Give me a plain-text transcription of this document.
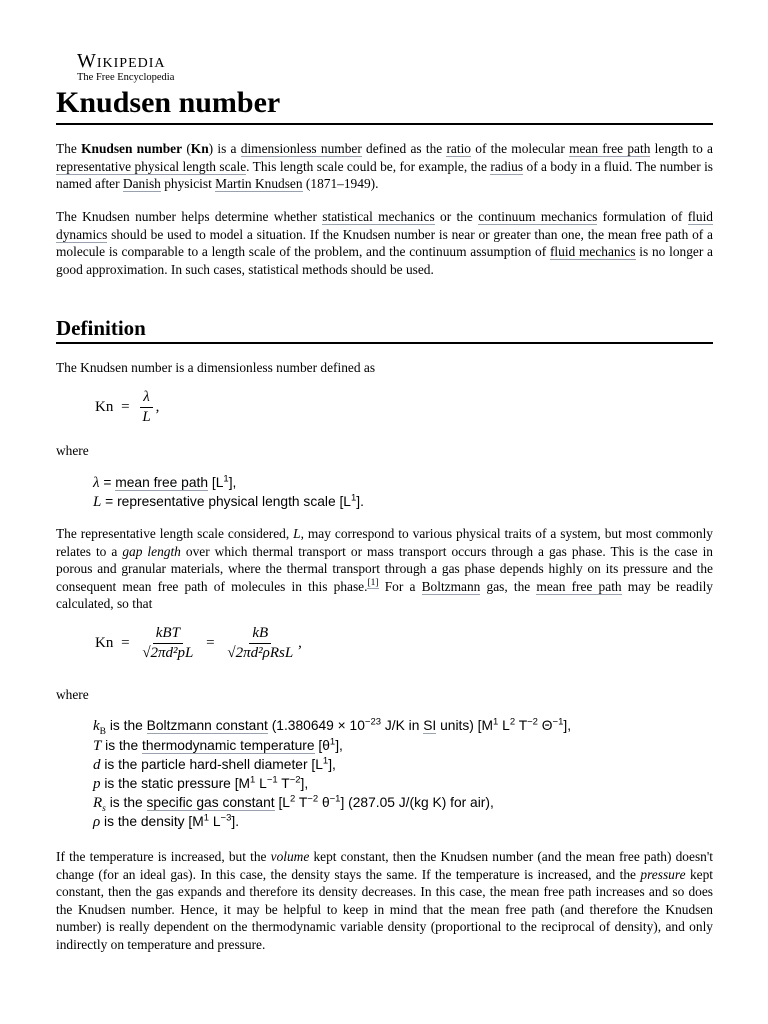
Wikipedia
The Free Encyclopedia
Knudsen number

The Knudsen number (Kn) is a dimensionless number defined as the ratio of the molecular mean free path length to a representative physical length scale. This length scale could be, for example, the radius of a body in a fluid. The number is named after Danish physicist Martin Knudsen (1871–1949).

The Knudsen number helps determine whether statistical mechanics or the continuum mechanics formulation of fluid dynamics should be used to model a situation. If the Knudsen number is near or greater than one, the mean free path of a molecule is comparable to a length scale of the problem, and the continuum assumption of fluid mechanics is no longer a good approximation. In such cases, statistical methods should be used.

Definition
The Knudsen number is a dimensionless number defined as
$Kn = \frac{\lambda}{L}$ ,
where
λ = mean free path $[L^1]$,
L = representative physical length scale $[L^1]$.

The representative length scale considered, L, may correspond to various physical traits of a system, but most commonly relates to a gap length over which thermal transport or mass transport occurs through a gas phase. This is the case in porous and granular materials, where the thermal transport through a gas phase depends highly on its pressure and the consequent mean free path of molecules in this phase.[1] For a Boltzmann gas, the mean free path may be readily calculated, so that

$Kn = \frac{\text{kBT}}{\text{√2πd²pL}} = \frac{kB}{\text{√2πd²ρRsL}}$ ,
where
$k_B$ is the Boltzmann constant ($1.380649 \times 10^{-23}$ J/K in SI units) [$M^1$ $L^2$ $T^{-2}$ $\Theta^{-1}$],
T is the thermodynamic temperature $[\theta^1]$,
d is the particle hard-shell diameter $[L^1]$,
p is the static pressure [$M^1$ $L^{-1}$ $T^{-2}$],
$R_s$ is the specific gas constant [$L^2$ $T^{-2}$ $\theta^{-1}$] (287.05 J/(kg K) for air),
ρ is the density [$M^1$ $L^{-3}$].

If the temperature is increased, but the volume kept constant, then the Knudsen number (and the mean free path) doesn't change (for an ideal gas). In this case, the density stays the same. If the temperature is increased, and the pressure kept constant, then the gas expands and therefore its density decreases. In this case, the mean free path increases and so does the Knudsen number. Hence, it may be helpful to keep in mind that the mean free path (and therefore the Knudsen number) is really dependent on the thermodynamic variable density (proportional to the reciprocal of density), and only indirectly on temperature and pressure.
